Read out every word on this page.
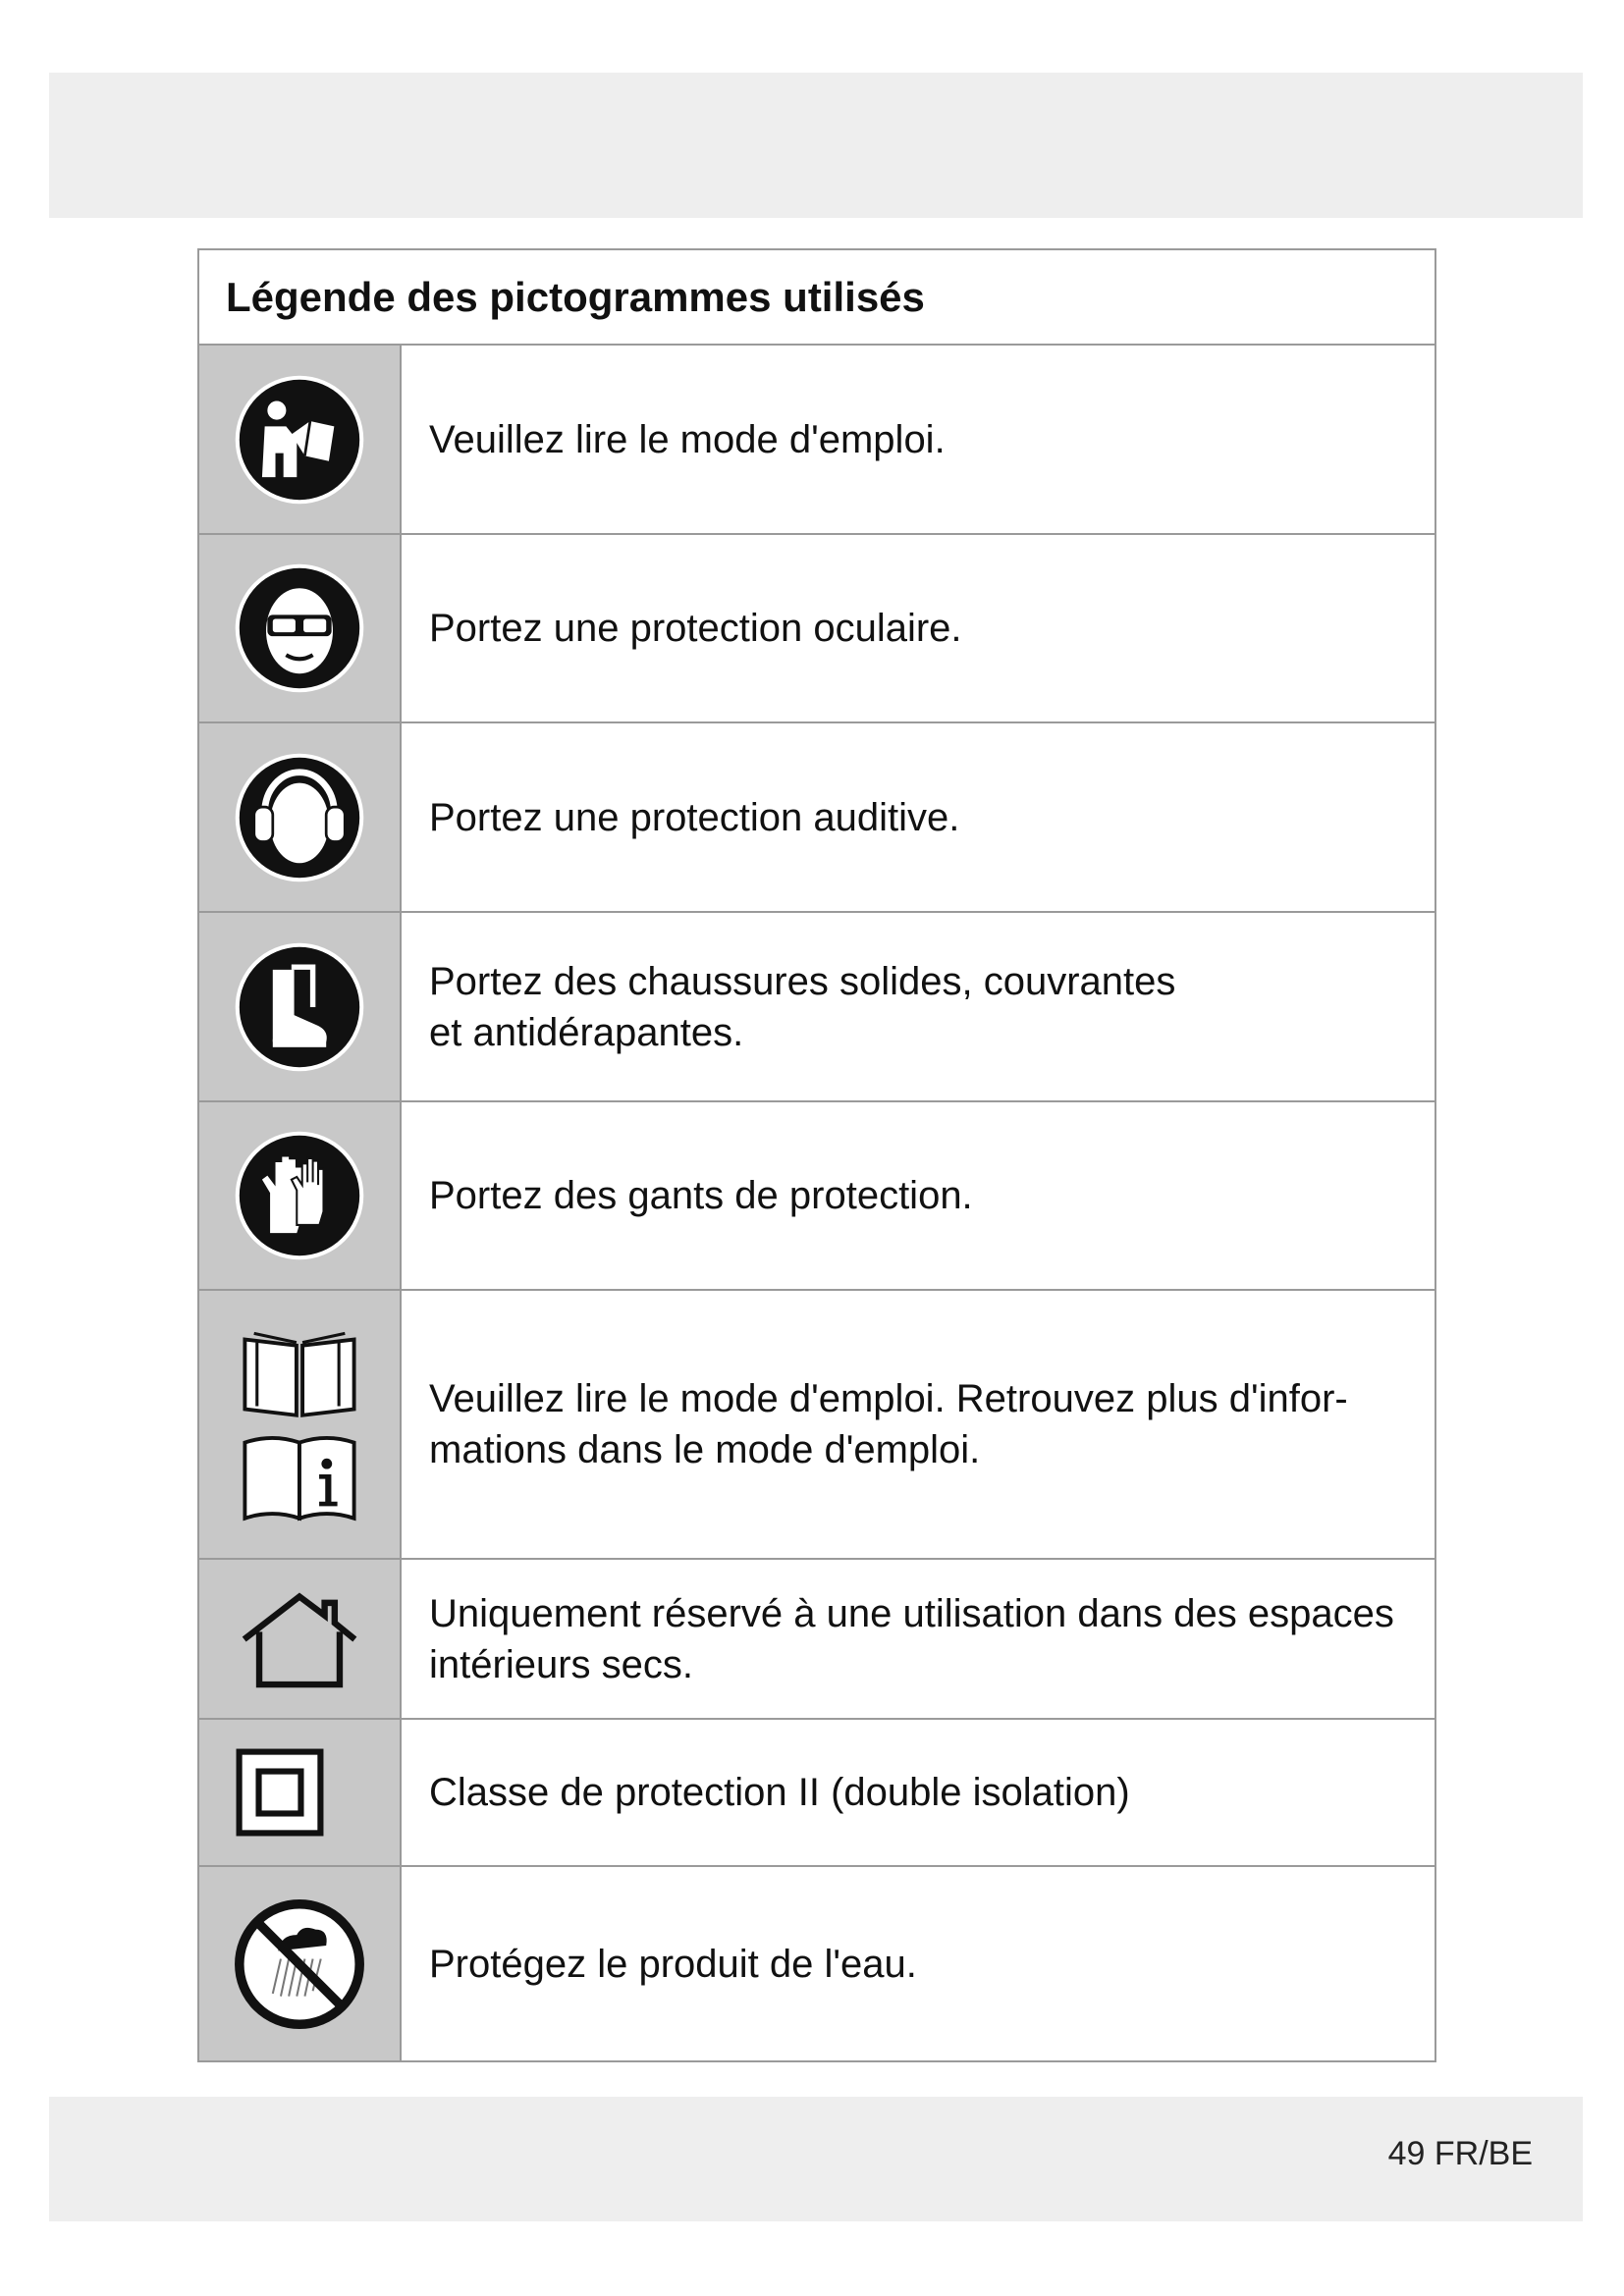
Légende des pictogrammes utilisés
Veuillez lire le mode d'emploi.
Portez une protection oculaire.
Portez une protection auditive.
Portez des chaussures solides, couvrantes
et antidérapantes.
Portez des gants de protection.
Veuillez lire le mode d'emploi. Retrouvez plus d'infor-
mations dans le mode d'emploi.
Uniquement réservé à une utilisation dans des espaces
intérieurs secs.
Classe de protection II (double isolation)
Protégez le produit de l'eau.
49 FR/BE
